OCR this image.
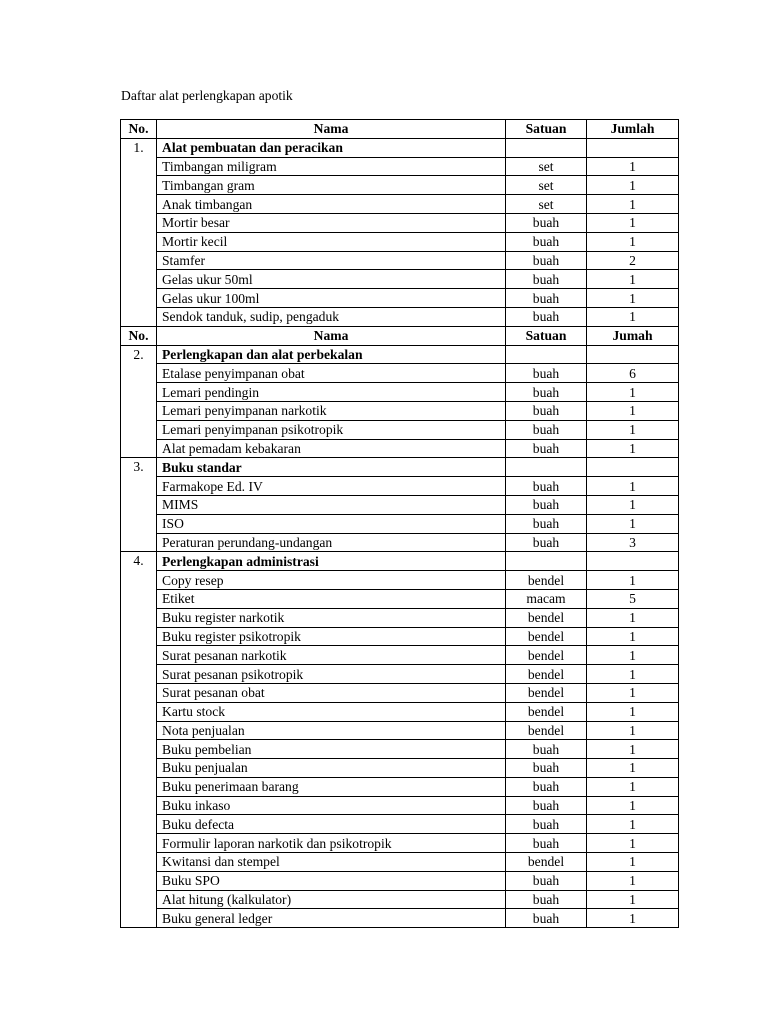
Daftar alat perlengkapan apotik
No.	Nama	Satuan	Jumlah
1.	Alat pembuatan dan peracikan		
	Timbangan miligram	set	1
	Timbangan gram	set	1
	Anak timbangan	set	1
	Mortir besar	buah	1
	Mortir kecil	buah	1
	Stamfer	buah	2
	Gelas ukur 50ml	buah	1
	Gelas ukur 100ml	buah	1
	Sendok tanduk, sudip, pengaduk	buah	1
No.	Nama	Satuan	Jumah
2.	Perlengkapan dan alat perbekalan		
	Etalase penyimpanan obat	buah	6
	Lemari pendingin	buah	1
	Lemari penyimpanan narkotik	buah	1
	Lemari penyimpanan psikotropik	buah	1
	Alat pemadam kebakaran	buah	1
3.	Buku standar		
	Farmakope Ed. IV	buah	1
	MIMS	buah	1
	ISO	buah	1
	Peraturan perundang-undangan	buah	3
4.	Perlengkapan administrasi		
	Copy resep	bendel	1
	Etiket	macam	5
	Buku register narkotik	bendel	1
	Buku register psikotropik	bendel	1
	Surat pesanan narkotik	bendel	1
	Surat pesanan psikotropik	bendel	1
	Surat pesanan obat	bendel	1
	Kartu stock	bendel	1
	Nota penjualan	bendel	1
	Buku pembelian	buah	1
	Buku penjualan	buah	1
	Buku penerimaan barang	buah	1
	Buku inkaso	buah	1
	Buku defecta	buah	1
	Formulir laporan narkotik dan psikotropik	buah	1
	Kwitansi dan stempel	bendel	1
	Buku SPO	buah	1
	Alat hitung (kalkulator)	buah	1
	Buku general ledger	buah	1
